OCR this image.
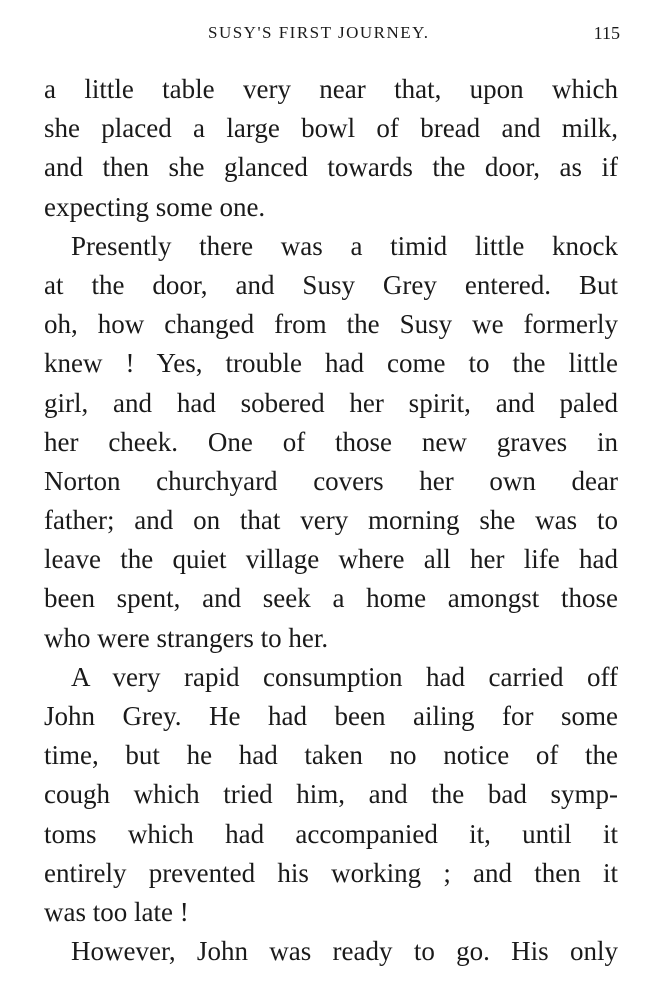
SUSY'S FIRST JOURNEY.	115
a little table very near that, upon which
she placed a large bowl of bread and milk,
and then she glanced towards the door, as if
expecting some one.
Presently there was a timid little knock
at the door, and Susy Grey entered. But
oh, how changed from the Susy we formerly
knew ! Yes, trouble had come to the little
girl, and had sobered her spirit, and paled
her cheek. One of those new graves in
Norton churchyard covers her own dear
father; and on that very morning she was to
leave the quiet village where all her life had
been spent, and seek a home amongst those
who were strangers to her.
A very rapid consumption had carried off
John Grey. He had been ailing for some
time, but he had taken no notice of the
cough which tried him, and the bad symp-
toms which had accompanied it, until it
entirely prevented his working ; and then it
was too late !
However, John was ready to go. His only
